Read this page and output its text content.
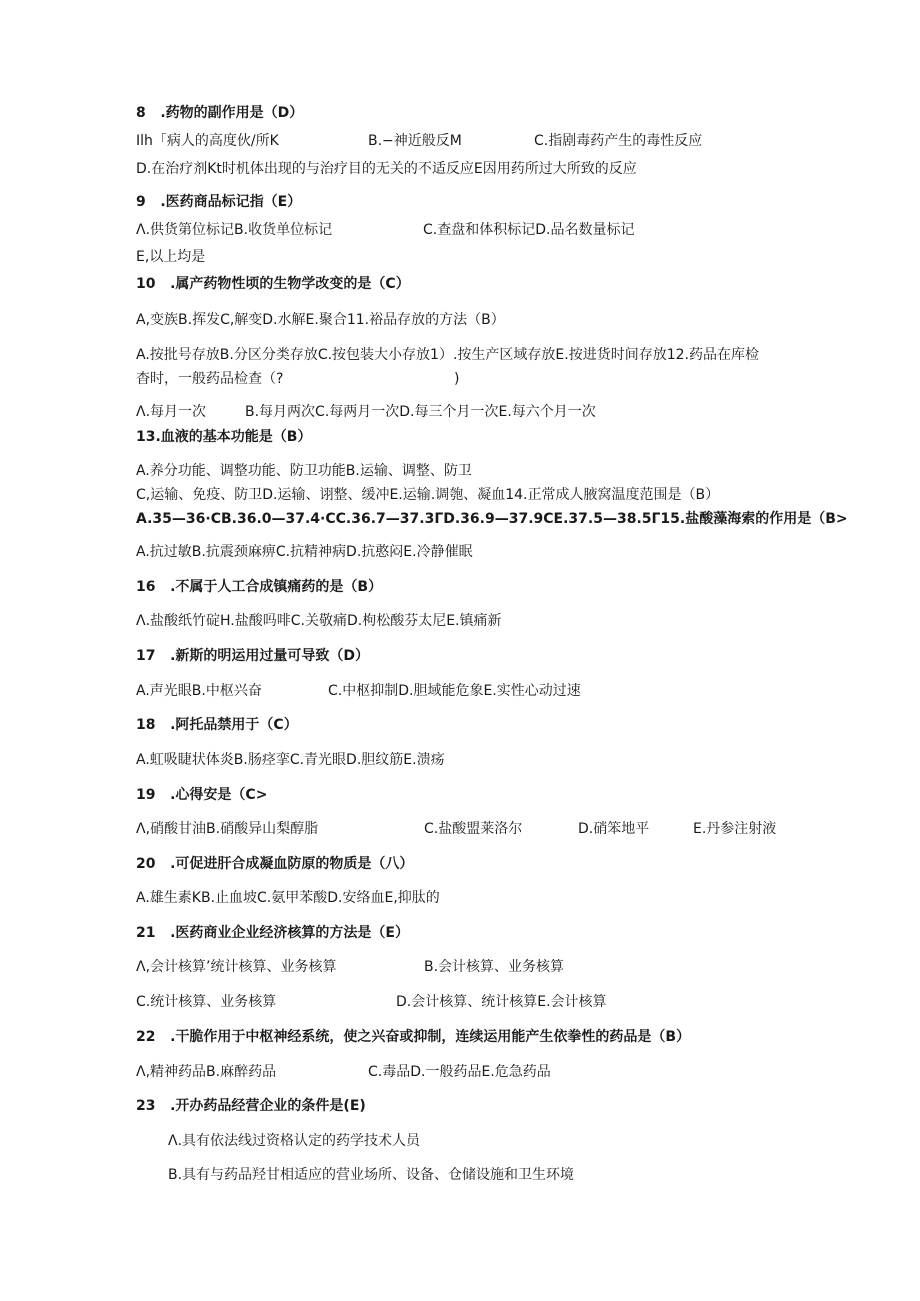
8   .药物的副作用是（D）
Ilh「病人的高度伙/所K	B.−神近般反M	C.指剧毒药产生的毒性反应
D.在治疗剂Kt时机体出现的与治疗目的无关的不适反应E因用药所过大所致的反应
9   .医药商品标记指（E）
Λ.供货第位标记B.收货单位标记	C.查盘和体积标记D.品名数量标记
E,以上均是
10   .属产药物性顷的生物学改变的是（C）
A,变族B.挥发C,解变D.水解E.聚合11.裕品存放的方法（B）
A.按批号存放B.分区分类存放C.按包装大小存放1）.按生产区域存放E.按进货时间存放12.药品在库检
杳时，一般药品检查（?	)
Λ.每月一次	B.每月两次C.每两月一次D.每三个月一次E.每六个月一次
13.血液的基本功能是（B）
A.养分功能、调整功能、防卫功能B.运输、调整、防卫
C,运输、免疫、防卫D.运输、诩整、缓冲E.运输.调匏、凝血14.正常成人腋窝温度范围是（B）
A.35—36·CB.36.0—37.4·CC.36.7—37.3ΓD.36.9—37.9CE.37.5—38.5Γ15.盐酸藻海索的作用是（B>
A.抗过敏B.抗震颈麻痹C.抗精神病D.抗憨闷E.冷静催眠
16   .不属于人工合成镇痛药的是（B）
Λ.盐酸纸竹碇H.盐酸吗啡C.关敬痛D.枸松酸芬太尼E.镇痛新
17   .新斯的明运用过量可导致（D）
A.声光眼B.中枢兴奋	C.中枢抑制D.胆域能危象E.实性心动过速
18   .阿托品禁用于（C）
A.虹吸睫状体炎B.肠痉挛C.青光眼D.胆纹筋E.溃疡
19   .心得安是（C>
Λ,硝酸甘油B.硝酸异山梨醇脂	C.盐酸盟莱洛尔	D.硝笨地平	E.丹参注射液
20   .可促进肝合成凝血防原的物质是（八）
A.雄生素KB.止血坡C.氨甲苯酸D.安络血E,抑肽的
21   .医药商业企业经济核算的方法是（E）
Λ,会计核算’统计核算、业务核算	B.会计核算、业务核算
C.统计核算、业务核算	D.会计核算、统计核算E.会计核算
22   .干脆作用于中枢神经系统，使之兴奋或抑制，连续运用能产生依拳性的药品是（B）
Λ,精神药品B.麻醉药品	C.毒品D.一般药品E.危急药品
23   .开办药品经营企业的条件是(E)
Λ.具有依法线过资格认定的药学技术人员
B.具有与药品羟甘相适应的营业场所、设备、仓储设施和卫生环境
